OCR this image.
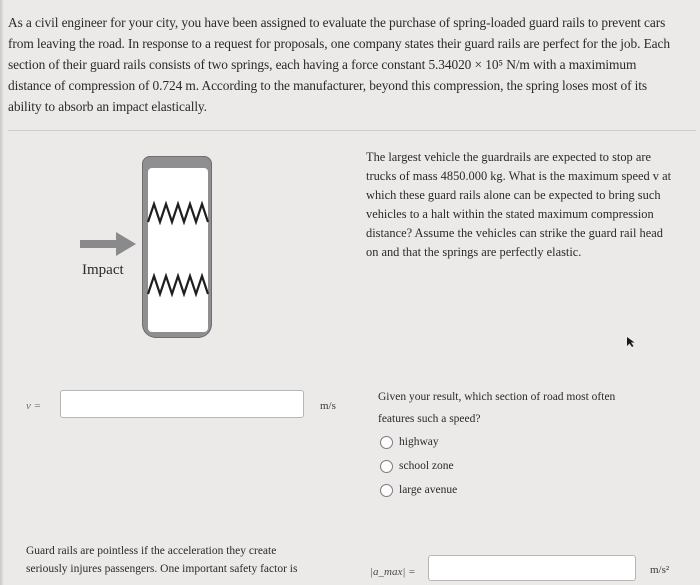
As a civil engineer for your city, you have been assigned to evaluate the purchase of spring-loaded guard rails to prevent cars

from leaving the road. In response to a request for proposals, one company states their guard rails are perfect for the job. Each

section of their guard rails consists of two springs, each having a force constant 5.34020 × 10⁵ N/m with a maximimum

distance of compression of 0.724 m. According to the manufacturer, beyond this compression, the spring loses most of its

ability to absorb an impact elastically.

Impact

The largest vehicle the guardrails are expected to stop are

trucks of mass 4850.000 kg. What is the maximum speed v at

which these guard rails alone can be expected to bring such

vehicles to a halt within the stated maximum compression

distance? Assume the vehicles can strike the guard rail head

on and that the springs are perfectly elastic.

v =	m/s

Given your result, which section of road most often

features such a speed?

highway
school zone
large avenue

Guard rails are pointless if the acceleration they create

seriously injures passengers. One important safety factor is	|a_max| =	m/s²
